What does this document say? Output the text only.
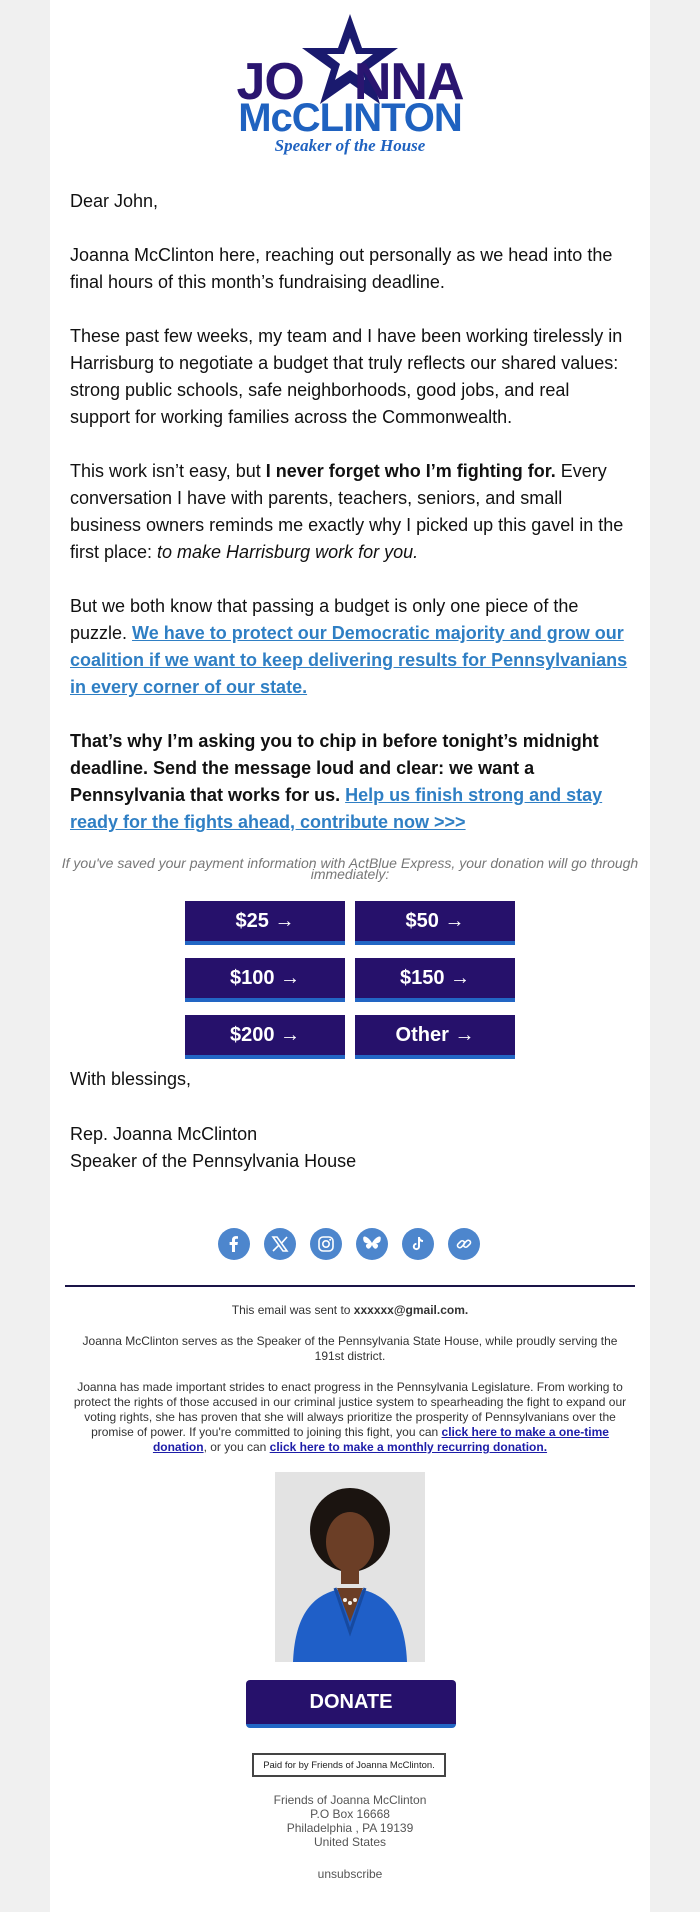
JO NNA
McCLINTON
Speaker of the House

Dear John,

Joanna McClinton here, reaching out personally as we head into the final hours of this month’s fundraising deadline.

These past few weeks, my team and I have been working tirelessly in Harrisburg to negotiate a budget that truly reflects our shared values: strong public schools, safe neighborhoods, good jobs, and real support for working families across the Commonwealth.

This work isn’t easy, but I never forget who I’m fighting for. Every conversation I have with parents, teachers, seniors, and small business owners reminds me exactly why I picked up this gavel in the first place: to make Harrisburg work for you.

But we both know that passing a budget is only one piece of the puzzle. We have to protect our Democratic majority and grow our coalition if we want to keep delivering results for Pennsylvanians in every corner of our state.

That’s why I’m asking you to chip in before tonight’s midnight deadline. Send the message loud and clear: we want a Pennsylvania that works for us. Help us finish strong and stay ready for the fights ahead, contribute now >>>

If you've saved your payment information with ActBlue Express, your donation will go through immediately:
$25 →	$50 →
$100 →	$150 →
$200 →	Other →

With blessings,

Rep. Joanna McClinton

Speaker of the Pennsylvania House

This email was sent to xxxxxx@gmail.com.
Joanna McClinton serves as the Speaker of the Pennsylvania State House, while proudly serving the 191st district.
Joanna has made important strides to enact progress in the Pennsylvania Legislature. From working to protect the rights of those accused in our criminal justice system to spearheading the fight to expand our voting rights, she has proven that she will always prioritize the prosperity of Pennsylvanians over the promise of power. If you're committed to joining this fight, you can click here to make a one-time donation, or you can click here to make a monthly recurring donation.
DONATE
Paid for by Friends of Joanna McClinton.
Friends of Joanna McClinton
P.O Box 16668
Philadelphia , PA 19139
United States
unsubscribe
